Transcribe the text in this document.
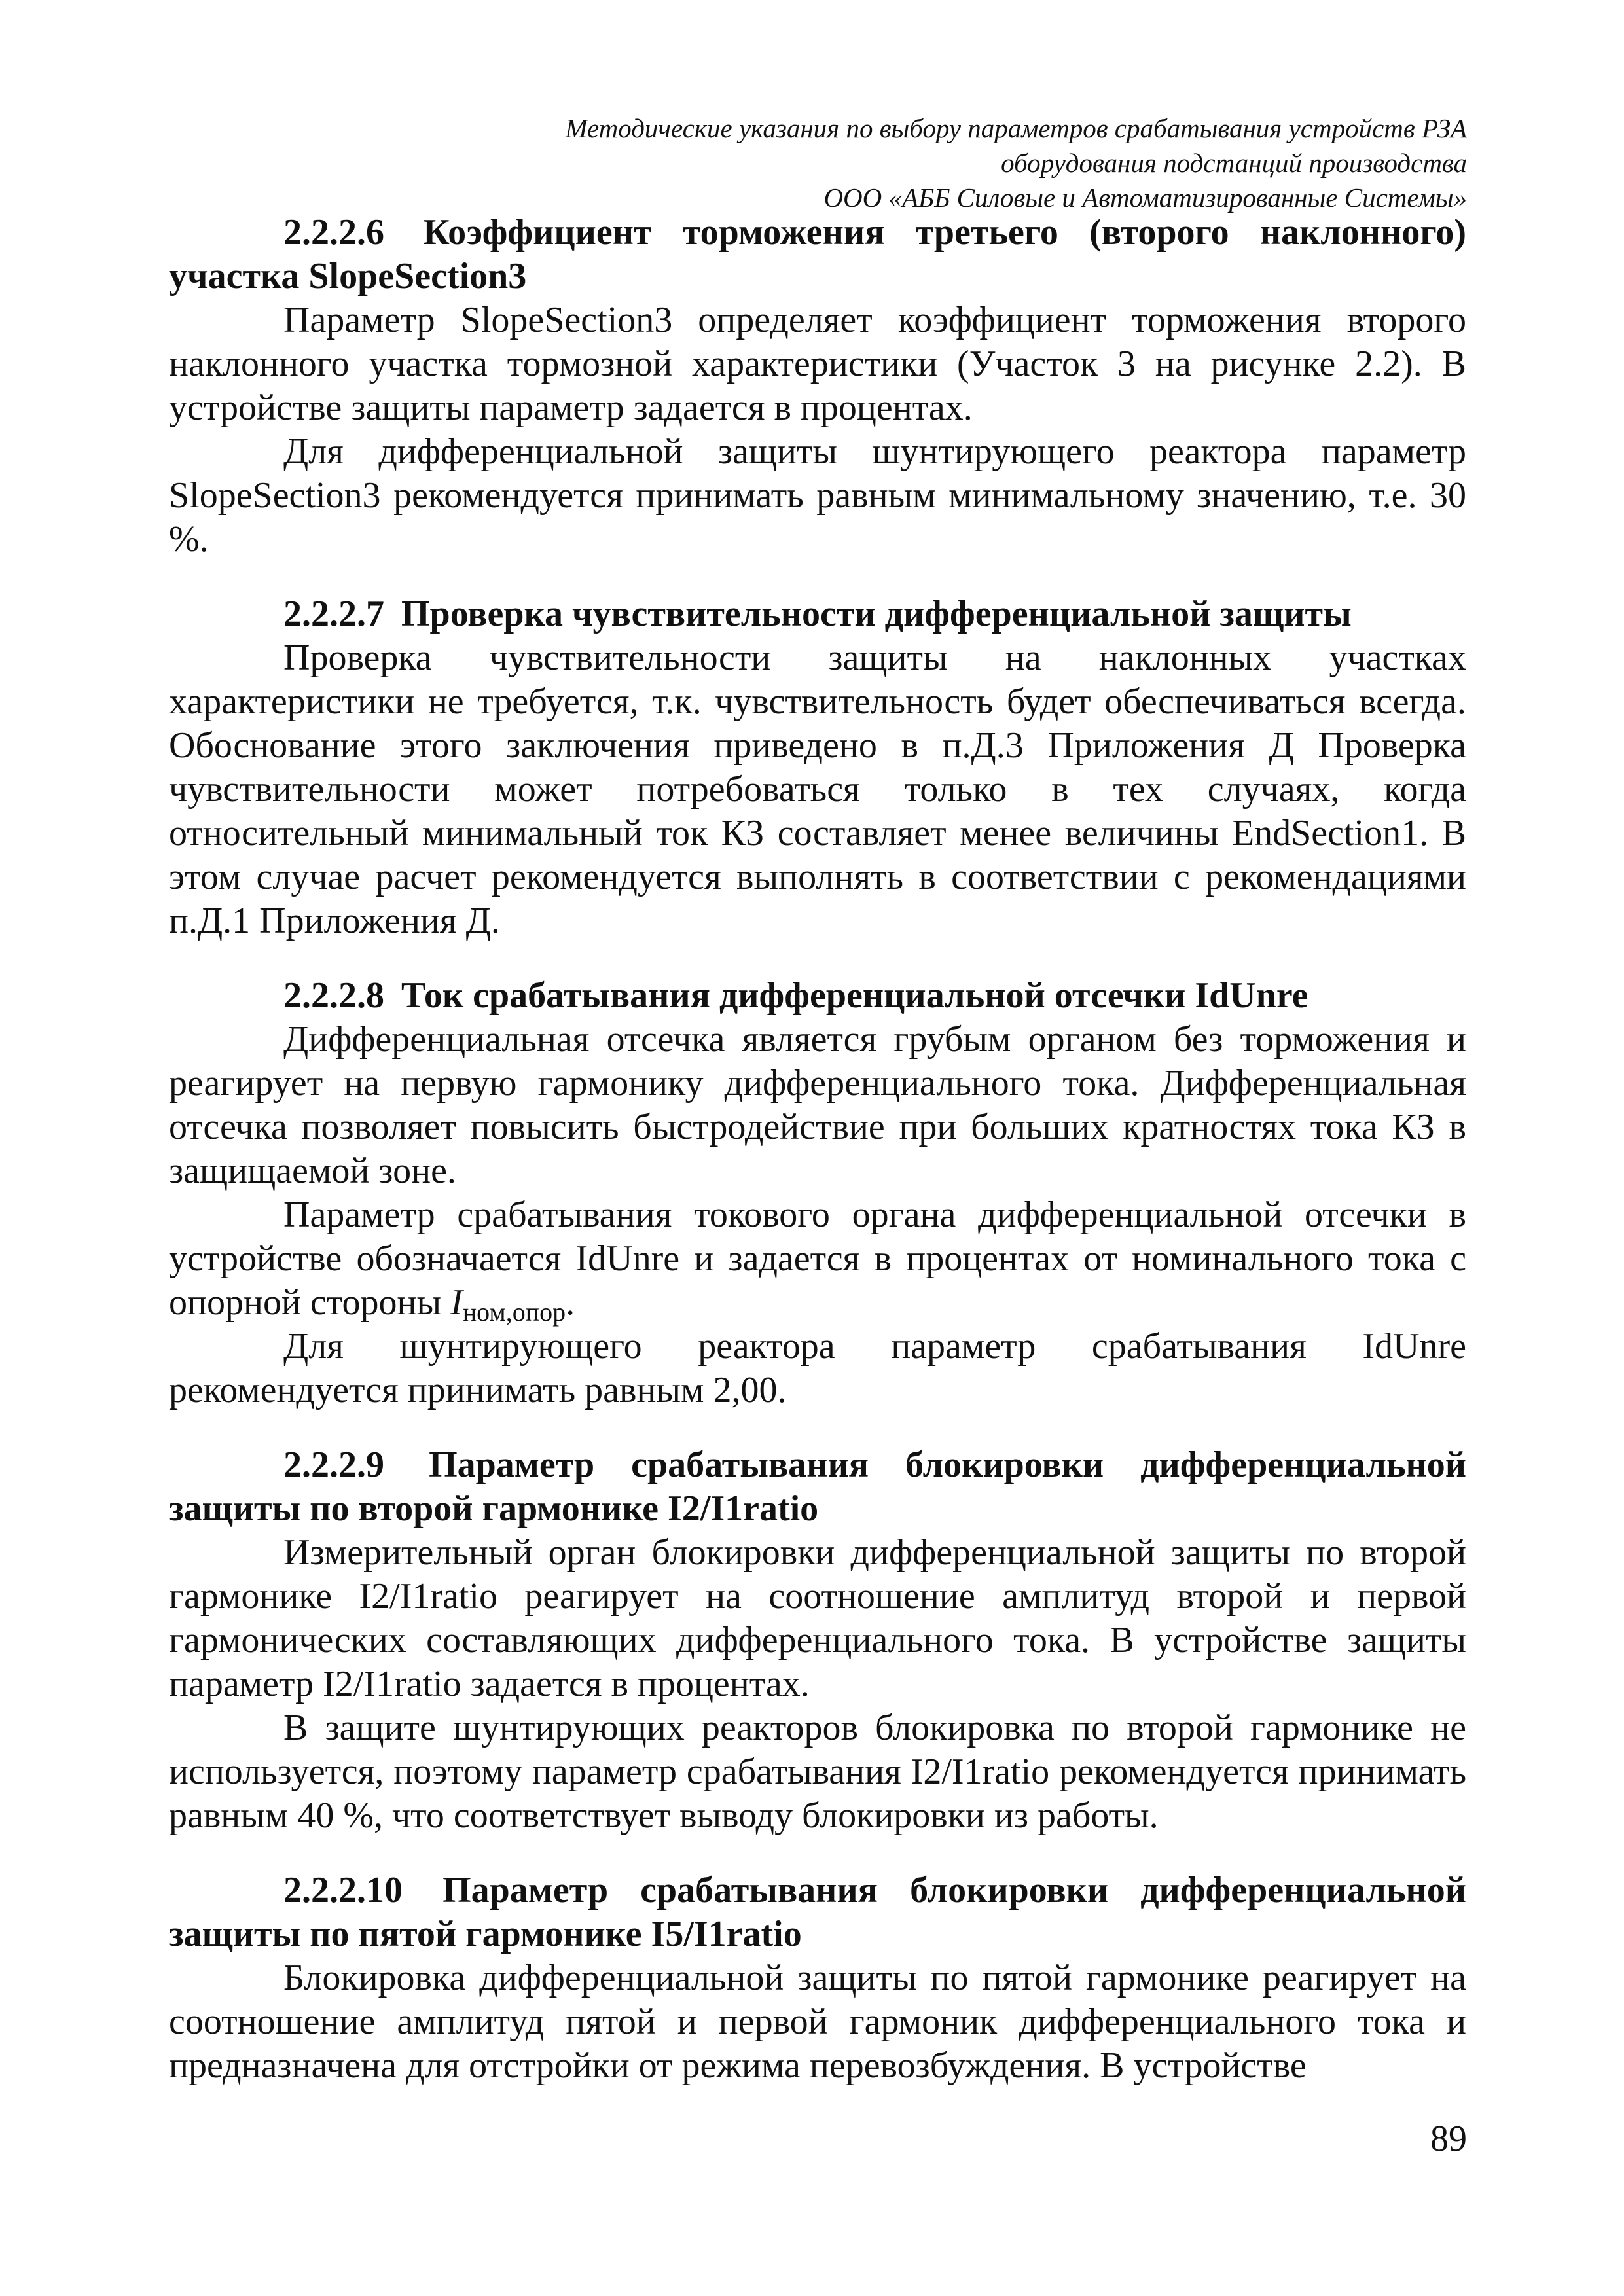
Методические указания по выбору параметров срабатывания устройств РЗА
оборудования подстанций производства
ООО «АББ Силовые и Автоматизированные Системы»

2.2.2.6 Коэффициент торможения третьего (второго наклонного) участка SlopeSection3

Параметр SlopeSection3 определяет коэффициент торможения второго наклонного участка тормозной характеристики (Участок 3 на рисунке 2.2). В устройстве защиты параметр задается в процентах.

Для дифференциальной защиты шунтирующего реактора параметр SlopeSection3 рекомендуется принимать равным минимальному значению, т.е. 30 %.

2.2.2.7 Проверка чувствительности дифференциальной защиты

Проверка чувствительности защиты на наклонных участках характеристики не требуется, т.к. чувствительность будет обеспечиваться всегда. Обоснование этого заключения приведено в п.Д.3 Приложения Д Проверка чувствительности может потребоваться только в тех случаях, когда относительный минимальный ток КЗ составляет менее величины EndSection1. В этом случае расчет рекомендуется выполнять в соответствии с рекомендациями п.Д.1 Приложения Д.

2.2.2.8 Ток срабатывания дифференциальной отсечки IdUnre

Дифференциальная отсечка является грубым органом без торможения и реагирует на первую гармонику дифференциального тока. Дифференциальная отсечка позволяет повысить быстродействие при больших кратностях тока КЗ в защищаемой зоне.

Параметр срабатывания токового органа дифференциальной отсечки в устройстве обозначается IdUnre и задается в процентах от номинального тока с опорной стороны $I_{ном,опор}$.

Для шунтирующего реактора параметр срабатывания IdUnre рекомендуется принимать равным 2,00.

2.2.2.9 Параметр срабатывания блокировки дифференциальной защиты по второй гармонике I2/I1ratio

Измерительный орган блокировки дифференциальной защиты по второй гармонике I2/I1ratio реагирует на соотношение амплитуд второй и первой гармонических составляющих дифференциального тока. В устройстве защиты параметр I2/I1ratio задается в процентах.

В защите шунтирующих реакторов блокировка по второй гармонике не используется, поэтому параметр срабатывания I2/I1ratio рекомендуется принимать равным 40 %, что соответствует выводу блокировки из работы.

2.2.2.10 Параметр срабатывания блокировки дифференциальной защиты по пятой гармонике I5/I1ratio

Блокировка дифференциальной защиты по пятой гармонике реагирует на соотношение амплитуд пятой и первой гармоник дифференциального тока и предназначена для отстройки от режима перевозбуждения. В устройстве

89
